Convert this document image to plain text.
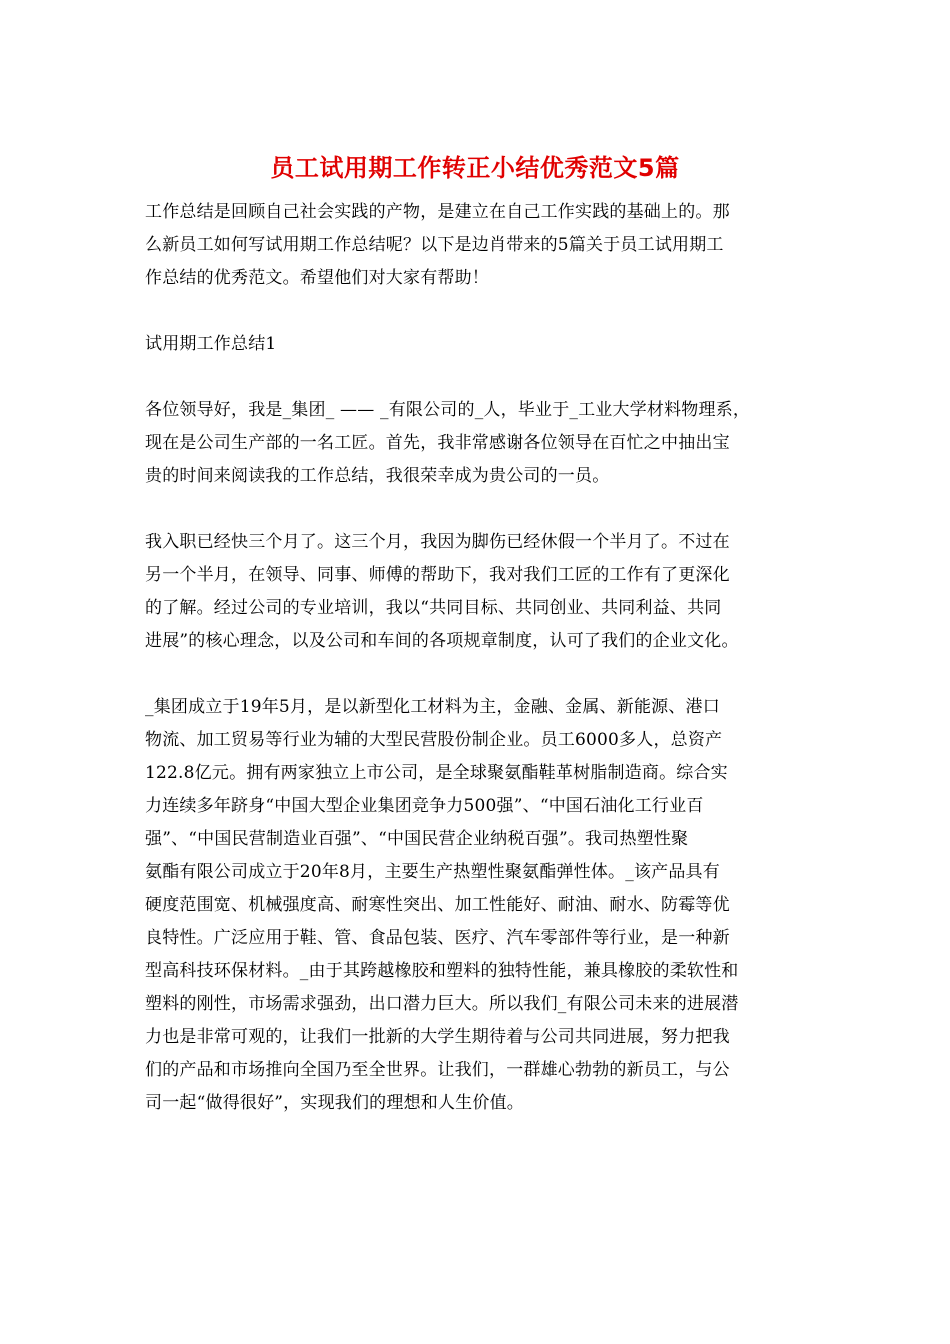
员工试用期工作转正小结优秀范文5篇

工作总结是回顾自己社会实践的产物，是建立在自己工作实践的基础上的。那
么新员工如何写试用期工作总结呢？以下是边肖带来的5篇关于员工试用期工
作总结的优秀范文。希望他们对大家有帮助！

试用期工作总结1

各位领导好，我是_集团_ —— _有限公司的_人，毕业于_工业大学材料物理系，
现在是公司生产部的一名工匠。首先，我非常感谢各位领导在百忙之中抽出宝
贵的时间来阅读我的工作总结，我很荣幸成为贵公司的一员。

我入职已经快三个月了。这三个月，我因为脚伤已经休假一个半月了。不过在
另一个半月，在领导、同事、师傅的帮助下，我对我们工匠的工作有了更深化
的了解。经过公司的专业培训，我以“共同目标、共同创业、共同利益、共同
进展”的核心理念，以及公司和车间的各项规章制度，认可了我们的企业文化。

_集团成立于19年5月，是以新型化工材料为主，金融、金属、新能源、港口
物流、加工贸易等行业为辅的大型民营股份制企业。员工6000多人，总资产
122.8亿元。拥有两家独立上市公司，是全球聚氨酯鞋革树脂制造商。综合实
力连续多年跻身“中国大型企业集团竞争力500强”、“中国石油化工行业百
强”、“中国民营制造业百强”、“中国民营企业纳税百强”。我司热塑性聚
氨酯有限公司成立于20年8月，主要生产热塑性聚氨酯弹性体。_该产品具有
硬度范围宽、机械强度高、耐寒性突出、加工性能好、耐油、耐水、防霉等优
良特性。广泛应用于鞋、管、食品包装、医疗、汽车零部件等行业，是一种新
型高科技环保材料。_由于其跨越橡胶和塑料的独特性能，兼具橡胶的柔软性和
塑料的刚性，市场需求强劲，出口潜力巨大。所以我们_有限公司未来的进展潜
力也是非常可观的，让我们一批新的大学生期待着与公司共同进展，努力把我
们的产品和市场推向全国乃至全世界。让我们，一群雄心勃勃的新员工，与公
司一起“做得很好”，实现我们的理想和人生价值。
